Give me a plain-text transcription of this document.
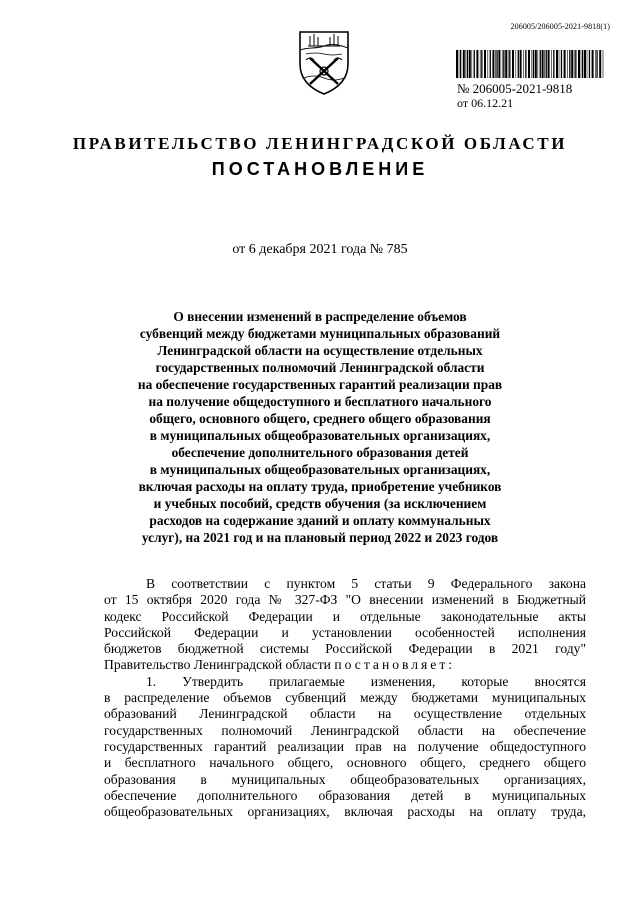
206005/206005-2021-9818(1)
№ 206005-2021-9818
от 06.12.21
ПРАВИТЕЛЬСТВО ЛЕНИНГРАДСКОЙ ОБЛАСТИ
ПОСТАНОВЛЕНИЕ
от 6 декабря 2021 года № 785
О внесении изменений в распределение объемов
субвенций между бюджетами муниципальных образований
Ленинградской области на осуществление отдельных
государственных полномочий Ленинградской области
на обеспечение государственных гарантий реализации прав
на получение общедоступного и бесплатного начального
общего, основного общего, среднего общего образования
в муниципальных общеобразовательных организациях,
обеспечение дополнительного образования детей
в муниципальных общеобразовательных организациях,
включая расходы на оплату труда, приобретение учебников
и учебных пособий, средств обучения (за исключением
расходов на содержание зданий и оплату коммунальных
услуг), на 2021 год и на плановый период 2022 и 2023 годов
В соответствии с пунктом 5 статьи 9 Федерального закона
от 15 октября 2020 года № 327-ФЗ "О внесении изменений в Бюджетный
кодекс Российской Федерации и отдельные законодательные акты
Российской Федерации и установлении особенностей исполнения
бюджетов бюджетной системы Российской Федерации в 2021 году"
Правительство Ленинградской области постановляет:
1. Утвердить прилагаемые изменения, которые вносятся
в распределение объемов субвенций между бюджетами муниципальных
образований Ленинградской области на осуществление отдельных
государственных полномочий Ленинградской области на обеспечение
государственных гарантий реализации прав на получение общедоступного
и бесплатного начального общего, основного общего, среднего общего
образования в муниципальных общеобразовательных организациях,
обеспечение дополнительного образования детей в муниципальных
общеобразовательных организациях, включая расходы на оплату труда,
